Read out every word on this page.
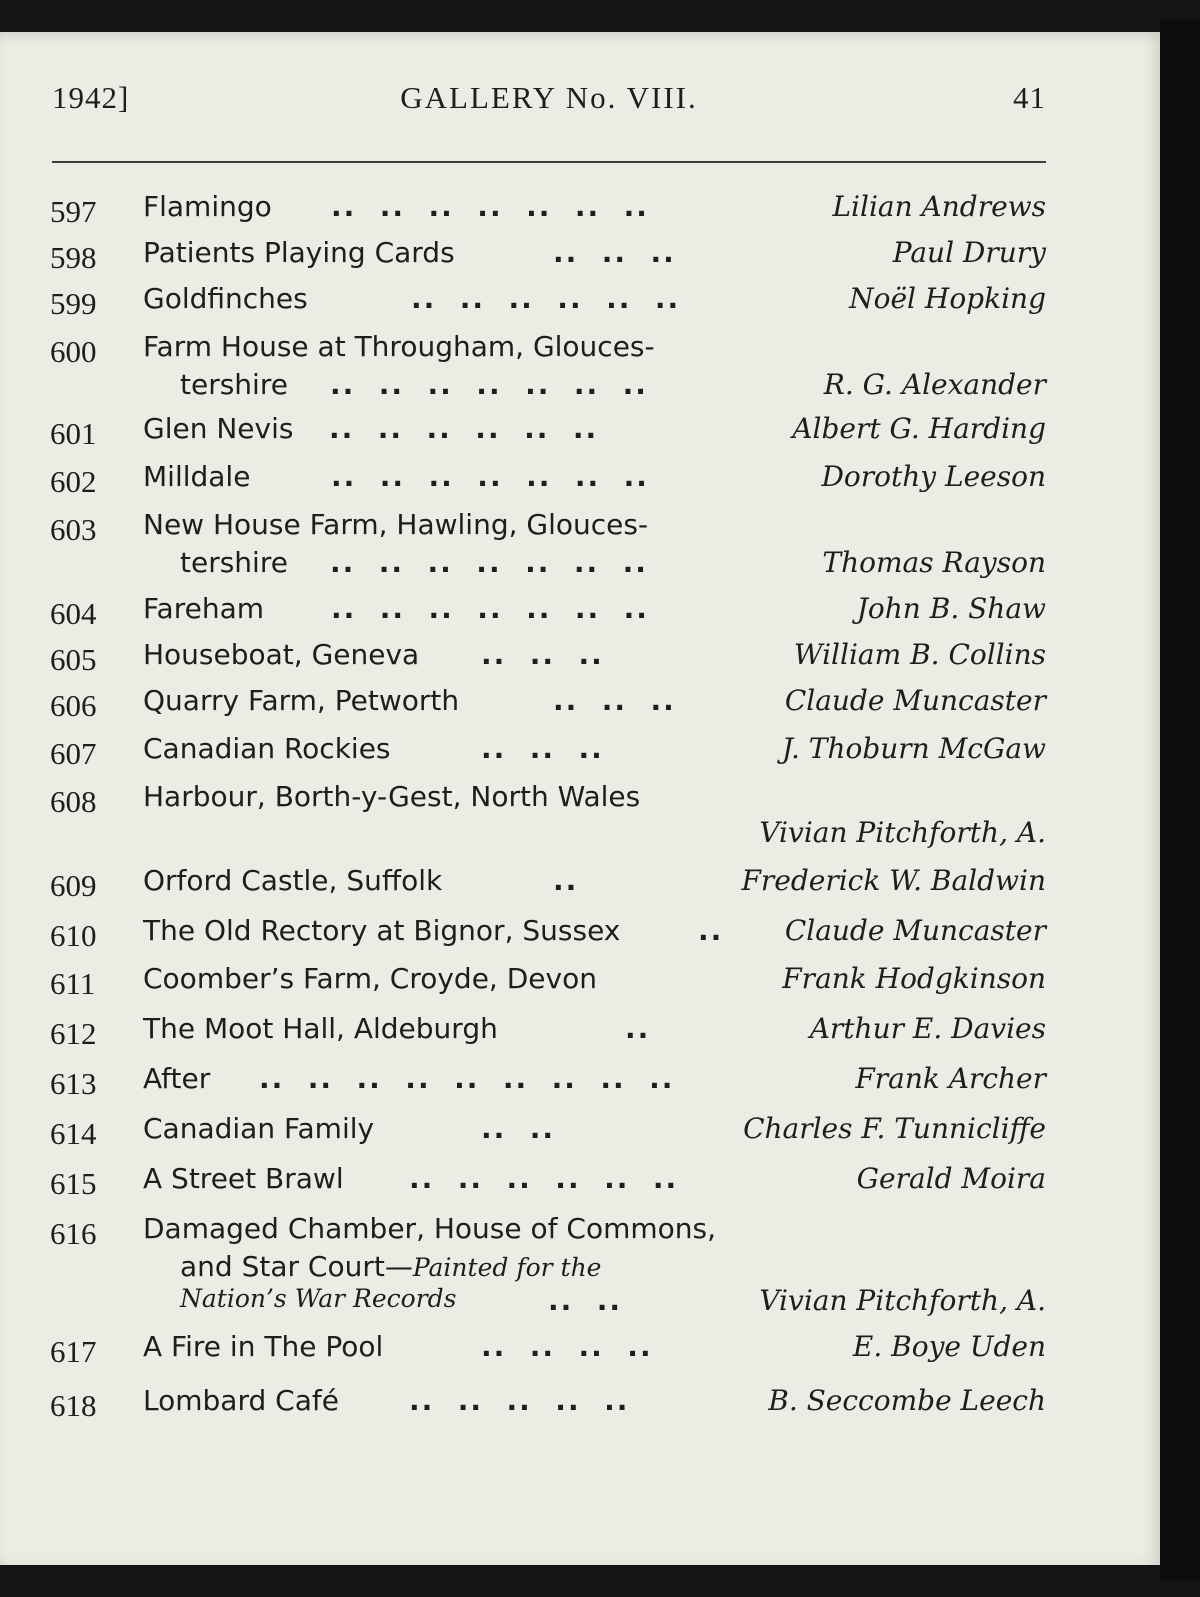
1942]	GALLERY No. VIII.	41
597 Flamingo ..  ..  ..  ..  ..  ..  ..	Lilian Andrews
598 Patients Playing Cards	..  ..  ..	Paul Drury
599 Goldfinches	..  ..  ..  ..  ..  ..	Noël Hopking
600 Farm House at Througham, Glouces-
tershire ..  ..  ..  ..  ..  ..  ..	R. G. Alexander
601 Glen Nevis ..  ..  ..  ..  ..  ..	Albert G. Harding
602 Milldale	..  ..  ..  ..  ..  ..  ..	Dorothy Leeson
603 New House Farm, Hawling, Glouces-
tershire ..  ..  ..  ..  ..  ..  ..	Thomas Rayson
604 Fareham ..  ..  ..  ..  ..  ..  ..	John B. Shaw
605 Houseboat, Geneva ..  ..  ..	William B. Collins
606 Quarry Farm, Petworth	..  ..  ..	Claude Muncaster
607 Canadian Rockies	..  ..  ..	J. Thoburn McGaw
608 Harbour, Borth-y-Gest, North Wales
Vivian Pitchforth, A.
609 Orford Castle, Suffolk	..	Frederick W. Baldwin
610 The Old Rectory at Bignor, Sussex	.. Claude Muncaster
611 Coomber’s Farm, Croyde, Devon	Frank Hodgkinson
612 The Moot Hall, Aldeburgh	..	Arthur E. Davies
613 After ..  ..  ..  ..  ..  ..  ..  ..  ..	Frank Archer
614 Canadian Family	..  ..	Charles F. Tunnicliffe
615 A Street Brawl ..  ..  ..  ..  ..  ..	Gerald Moira
616 Damaged Chamber, House of Commons,
and Star Court—Painted for the
Nation’s War Records	..  ..	Vivian Pitchforth, A.
617 A Fire in The Pool	..  ..  ..  ..	E. Boye Uden
618 Lombard Café	..  ..  ..  ..  ..	B. Seccombe Leech
